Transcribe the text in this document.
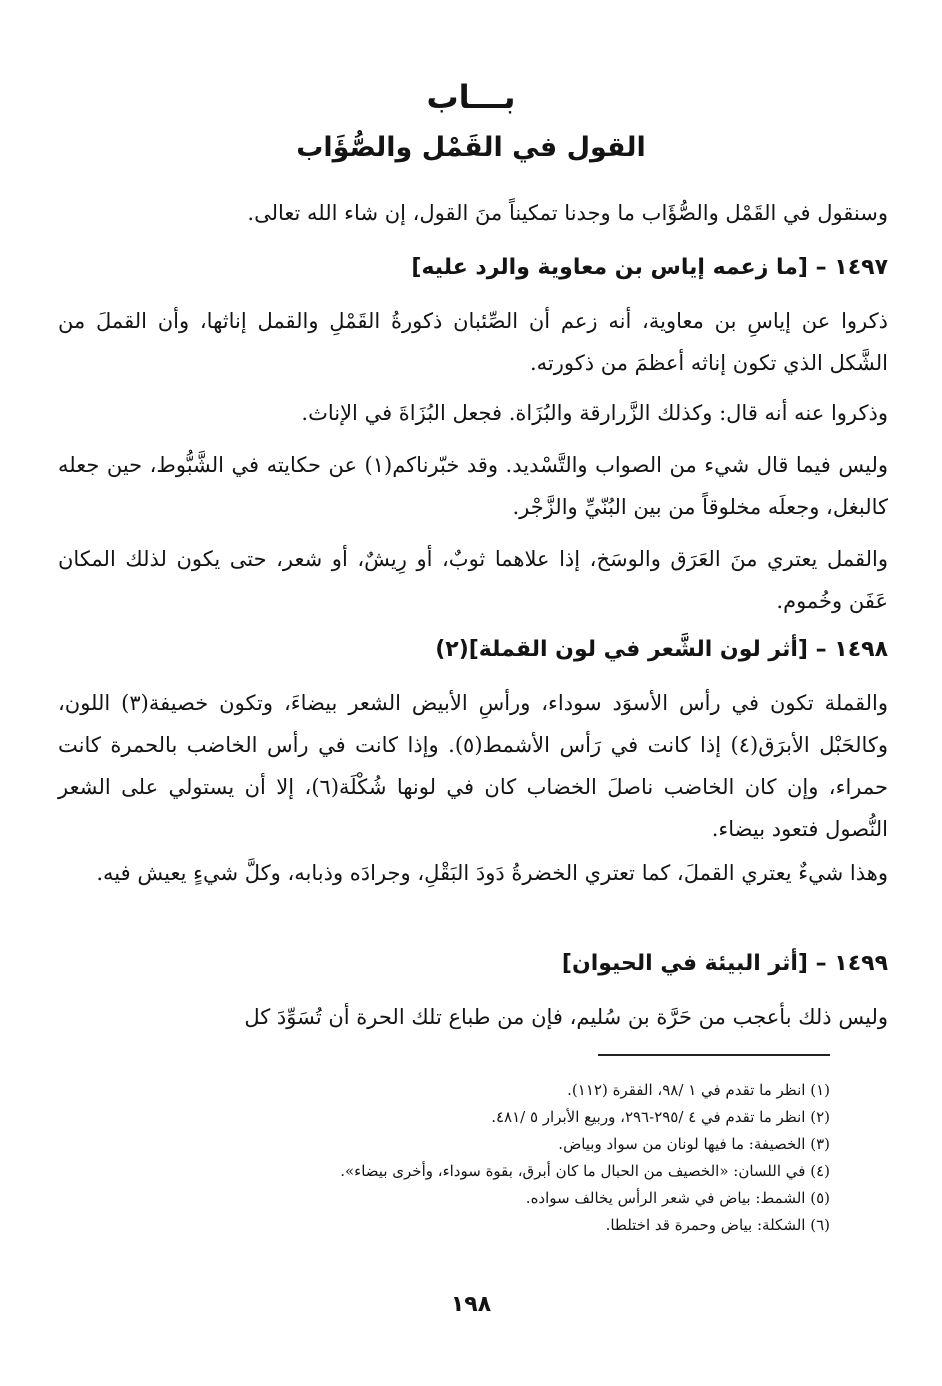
بـــاب
القول في القَمْل والصُّؤَاب

وسنقول في القَمْل والصُّؤَاب ما وجدنا تمكيناً منَ القول، إن شاء الله تعالى.

١٤٩٧ – [ما زعمه إياس بن معاوية والرد عليه]

ذكروا عن إياسِ بن معاوية، أنه زعم أن الصِّئبان ذكورةُ القَمْلِ والقمل إناثها، وأن القملَ من الشَّكل الذي تكون إناثه أعظمَ من ذكورته.

وذكروا عنه أنه قال: وكذلك الزَّرارقة والبُزَاة. فجعل البُزَاةَ في الإناث.

وليس فيما قال شيء من الصواب والتَّسْديد. وقد خبّرناكم(١) عن حكايته في الشَّبُّوط، حين جعله كالبغل، وجعلَه مخلوقاً من بين البُنّيِّ والزَّجْر.

والقمل يعتري منَ العَرَق والوسَخ، إذا علاهما ثوبٌ، أو رِيشٌ، أو شعر، حتى يكون لذلك المكان عَفَن وخُموم.

١٤٩٨ – [أثر لون الشَّعر في لون القملة](٢)

والقملة تكون في رأس الأسوَد سوداء، ورأسِ الأبيض الشعر بيضاءَ، وتكون خصيفة(٣) اللون، وكالحَبْل الأبرَق(٤) إذا كانت في رَأس الأشمط(٥). وإذا كانت في رأس الخاضب بالحمرة كانت حمراء، وإن كان الخاضب ناصلَ الخضاب كان في لونها شُكْلَة(٦)، إلا أن يستولي على الشعر النُّصول فتعود بيضاء.

وهذا شيءٌ يعتري القملَ، كما تعتري الخضرةُ دَودَ البَقْلِ، وجرادَه وذبابه، وكلَّ شيءٍ يعيش فيه.

١٤٩٩ – [أثر البيئة في الحيوان]

وليس ذلك بأعجب من حَرَّة بن سُليم، فإن من طباع تلك الحرة أن تُسَوِّدَ كل

(١) انظر ما تقدم في ١ /٩٨، الفقرة (١١٢).

(٢) انظر ما تقدم في ٤ /٢٩٥-٢٩٦، وربيع الأبرار ٥ /٤٨١.

(٣) الخصيفة: ما فيها لونان من سواد وبياض.

(٤) في اللسان: «الخصيف من الحبال ما كان أبرق، بقوة سوداء، وأخرى بيضاء».

(٥) الشمط: بياض في شعر الرأس يخالف سواده.

(٦) الشكلة: بياض وحمرة قد اختلطا.

١٩٨
